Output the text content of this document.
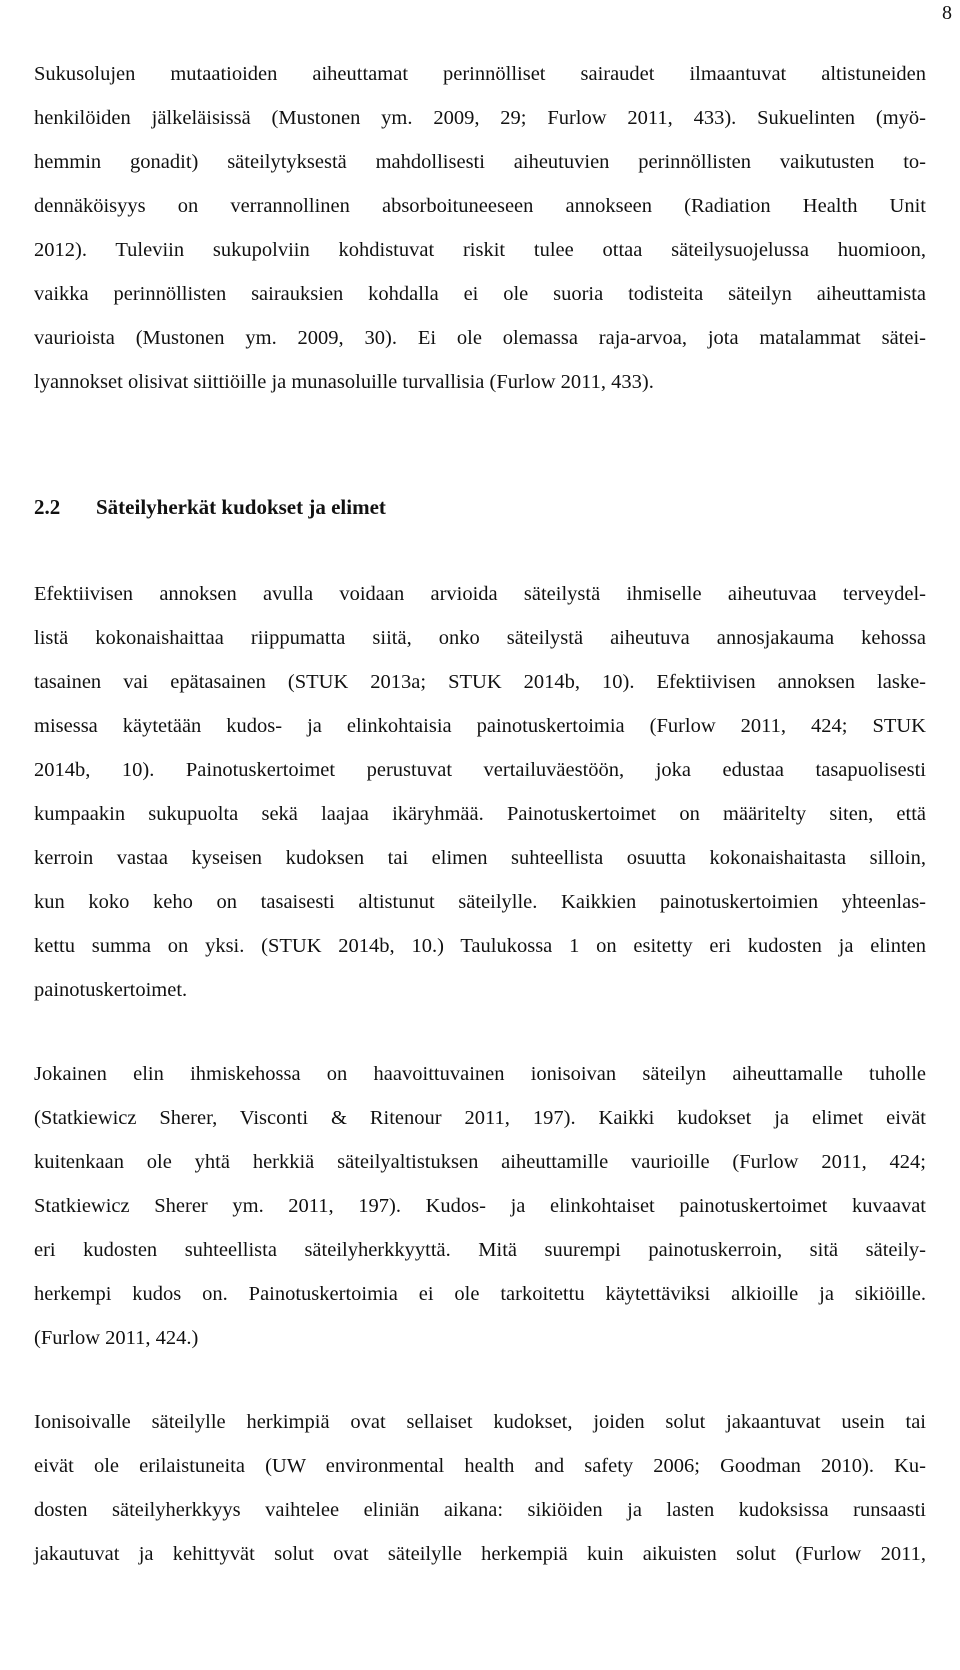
8
Sukusolujen mutaatioiden aiheuttamat perinnölliset sairaudet ilmaantuvat altistuneiden
henkilöiden jälkeläisissä (Mustonen ym. 2009, 29; Furlow 2011, 433). Sukuelinten (myö-
hemmin gonadit) säteilytyksestä mahdollisesti aiheutuvien perinnöllisten vaikutusten to-
dennäköisyys on verrannollinen absorboituneeseen annokseen (Radiation Health Unit
2012). Tuleviin sukupolviin kohdistuvat riskit tulee ottaa säteilysuojelussa huomioon,
vaikka perinnöllisten sairauksien kohdalla ei ole suoria todisteita säteilyn aiheuttamista
vaurioista (Mustonen ym. 2009, 30). Ei ole olemassa raja-arvoa, jota matalammat sätei-
lyannokset olisivat siittiöille ja munasoluille turvallisia (Furlow 2011, 433).
2.2 Säteilyherkät kudokset ja elimet
Efektiivisen annoksen avulla voidaan arvioida säteilystä ihmiselle aiheutuvaa terveydel-
listä kokonaishaittaa riippumatta siitä, onko säteilystä aiheutuva annosjakauma kehossa
tasainen vai epätasainen (STUK 2013a; STUK 2014b, 10). Efektiivisen annoksen laske-
misessa käytetään kudos- ja elinkohtaisia painotuskertoimia (Furlow 2011, 424; STUK
2014b, 10). Painotuskertoimet perustuvat vertailuväestöön, joka edustaa tasapuolisesti
kumpaakin sukupuolta sekä laajaa ikäryhmää. Painotuskertoimet on määritelty siten, että
kerroin vastaa kyseisen kudoksen tai elimen suhteellista osuutta kokonaishaitasta silloin,
kun koko keho on tasaisesti altistunut säteilylle. Kaikkien painotuskertoimien yhteenlas-
kettu summa on yksi. (STUK 2014b, 10.) Taulukossa 1 on esitetty eri kudosten ja elinten
painotuskertoimet.
Jokainen elin ihmiskehossa on haavoittuvainen ionisoivan säteilyn aiheuttamalle tuholle
(Statkiewicz Sherer, Visconti & Ritenour 2011, 197). Kaikki kudokset ja elimet eivät
kuitenkaan ole yhtä herkkiä säteilyaltistuksen aiheuttamille vaurioille (Furlow 2011, 424;
Statkiewicz Sherer ym. 2011, 197). Kudos- ja elinkohtaiset painotuskertoimet kuvaavat
eri kudosten suhteellista säteilyherkkyyttä. Mitä suurempi painotuskerroin, sitä säteily-
herkempi kudos on. Painotuskertoimia ei ole tarkoitettu käytettäviksi alkioille ja sikiöille.
(Furlow 2011, 424.)
Ionisoivalle säteilylle herkimpiä ovat sellaiset kudokset, joiden solut jakaantuvat usein tai
eivät ole erilaistuneita (UW environmental health and safety 2006; Goodman 2010). Ku-
dosten säteilyherkkyys vaihtelee eliniän aikana: sikiöiden ja lasten kudoksissa runsaasti
jakautuvat ja kehittyvät solut ovat säteilylle herkempiä kuin aikuisten solut (Furlow 2011,
